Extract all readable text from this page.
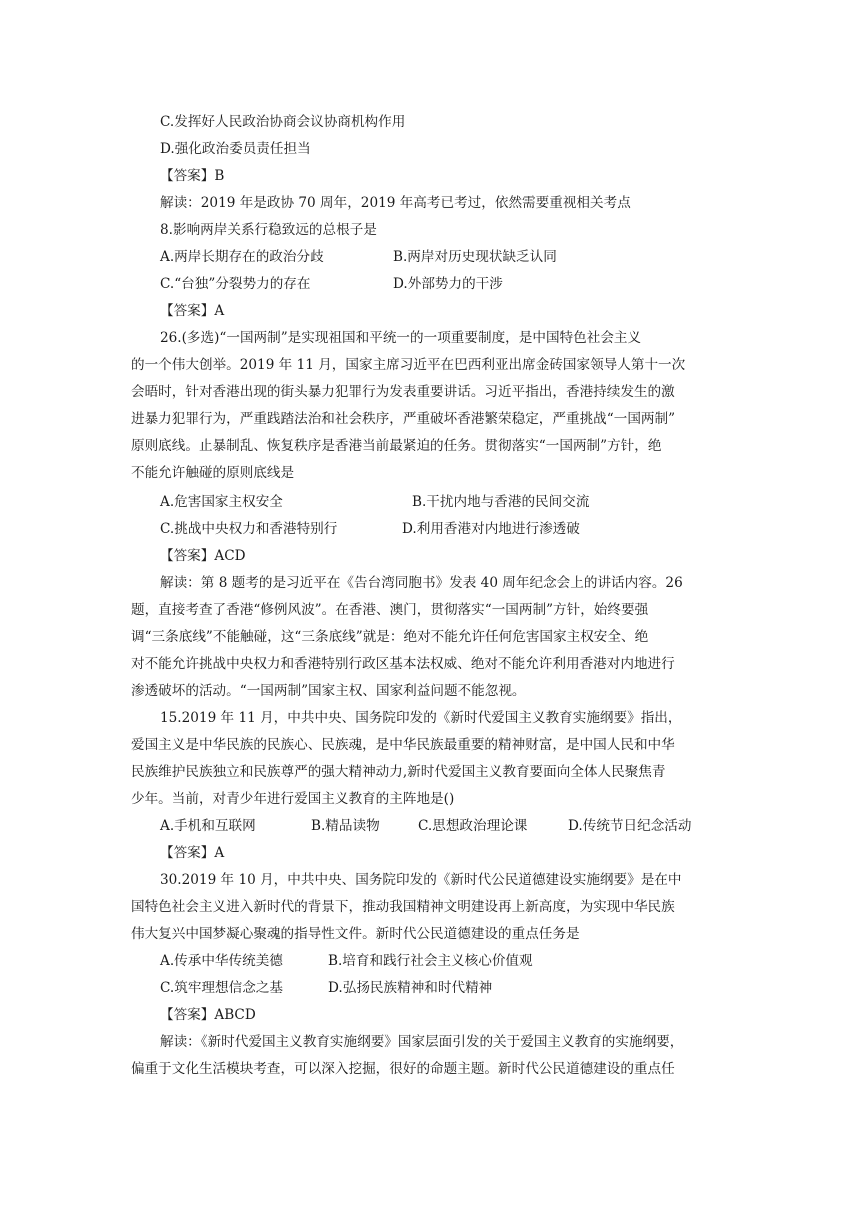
C.发挥好人民政治协商会议协商机构作用
D.强化政治委员责任担当
【答案】B
解读：2019 年是政协 70 周年，2019 年高考已考过，依然需要重视相关考点
8.影响两岸关系行稳致远的总根子是
A.两岸长期存在的政治分歧	B.两岸对历史现状缺乏认同
C.“台独”分裂势力的存在	D.外部势力的干涉
【答案】A
26.(多选)“一国两制”是实现祖国和平统一的一项重要制度，是中国特色社会主义
的一个伟大创举。2019 年 11 月，国家主席习近平在巴西利亚出席金砖国家领导人第十一次
会晤时，针对香港出现的街头暴力犯罪行为发表重要讲话。习近平指出，香港持续发生的激
进暴力犯罪行为，严重践踏法治和社会秩序，严重破坏香港繁荣稳定，严重挑战“一国两制”
原则底线。止暴制乱、恢复秩序是香港当前最紧迫的任务。贯彻落实“一国两制”方针，绝
不能允许触碰的原则底线是
A.危害国家主权安全	B.干扰内地与香港的民间交流
C.挑战中央权力和香港特别行	D.利用香港对内地进行渗透破
【答案】ACD
解读：第 8 题考的是习近平在《告台湾同胞书》发表 40 周年纪念会上的讲话内容。26
题，直接考查了香港“修例风波”。在香港、澳门，贯彻落实“一国两制”方针，始终要强
调“三条底线”不能触碰，这“三条底线”就是：绝对不能允许任何危害国家主权安全、绝
对不能允许挑战中央权力和香港特别行政区基本法权威、绝对不能允许利用香港对内地进行
渗透破坏的活动。“一国两制”国家主权、国家利益问题不能忽视。
15.2019 年 11 月，中共中央、国务院印发的《新时代爱国主义教育实施纲要》指出，
爱国主义是中华民族的民族心、民族魂，是中华民族最重要的精神财富，是中国人民和中华
民族维护民族独立和民族尊严的强大精神动力,新时代爱国主义教育要面向全体人民聚焦青
少年。当前，对青少年进行爱国主义教育的主阵地是()
A.手机和互联网	B.精品读物	C.思想政治理论课	D.传统节日纪念活动
【答案】A
30.2019 年 10 月，中共中央、国务院印发的《新时代公民道德建设实施纲要》是在中
国特色社会主义进入新时代的背景下，推动我国精神文明建设再上新高度，为实现中华民族
伟大复兴中国梦凝心聚魂的指导性文件。新时代公民道德建设的重点任务是
A.传承中华传统美德	B.培育和践行社会主义核心价值观
C.筑牢理想信念之基	D.弘扬民族精神和时代精神
【答案】ABCD
解读：《新时代爱国主义教育实施纲要》国家层面引发的关于爱国主义教育的实施纲要，
偏重于文化生活模块考查，可以深入挖掘，很好的命题主题。新时代公民道德建设的重点任
